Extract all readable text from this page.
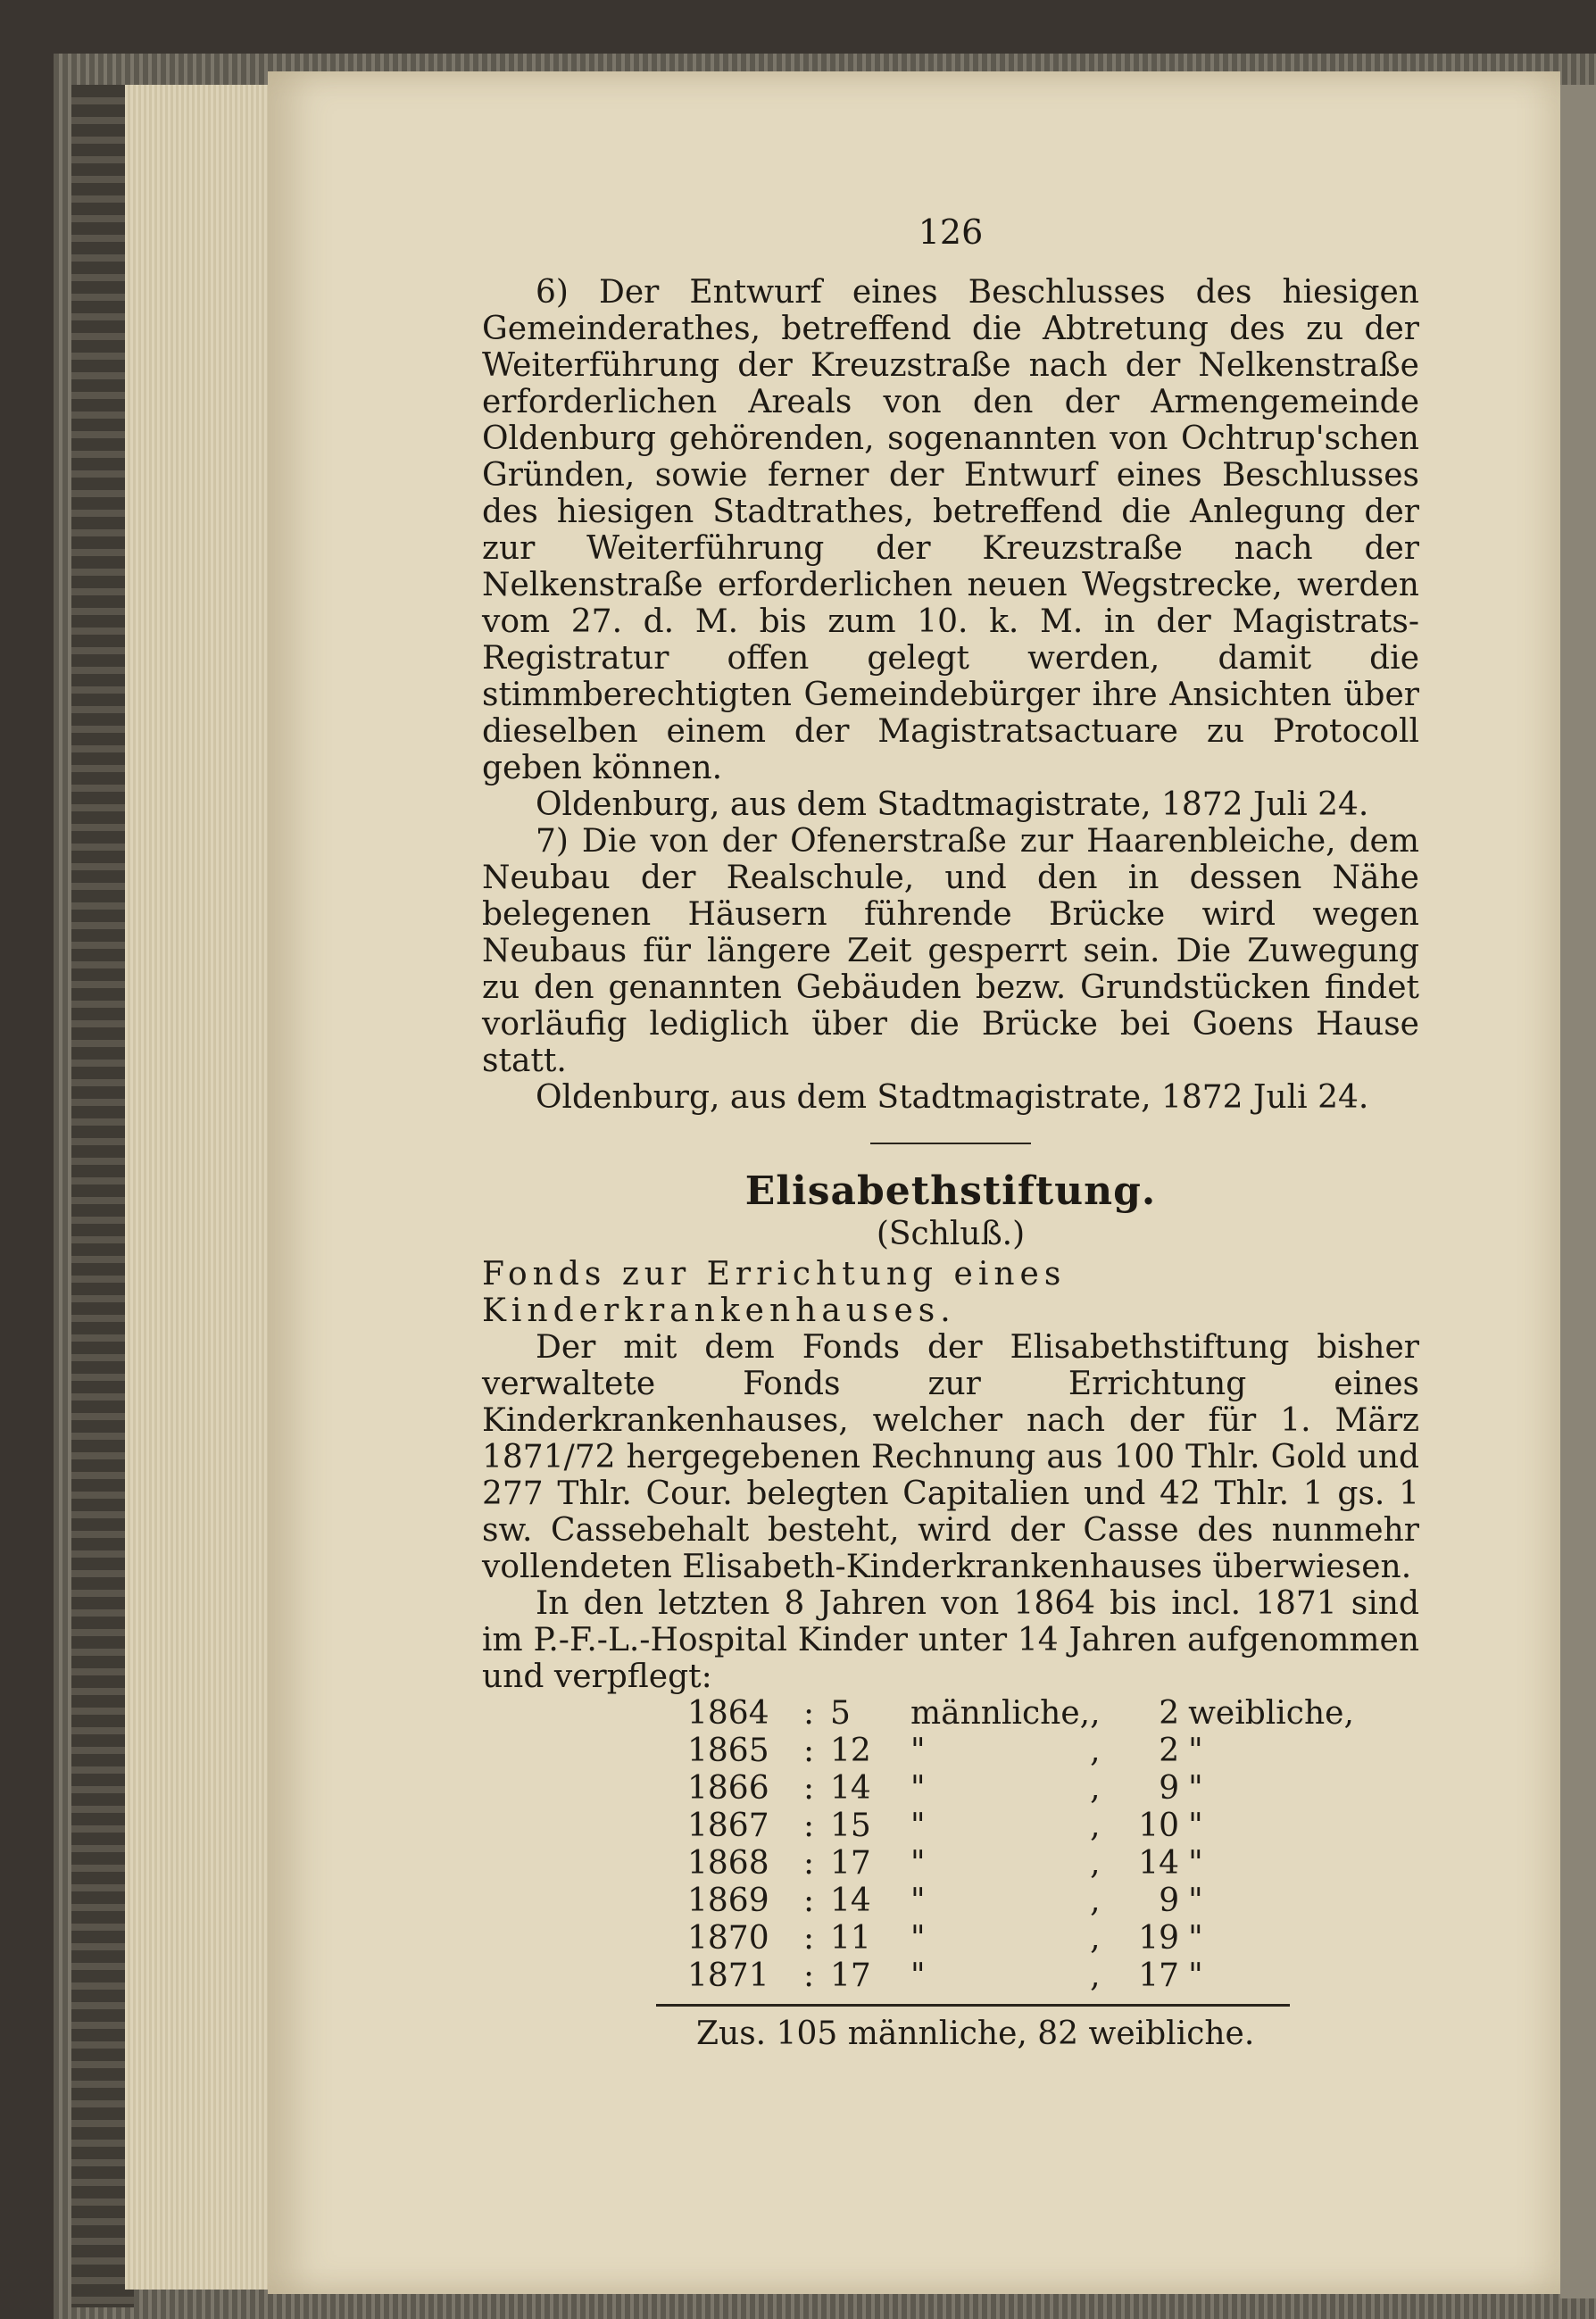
126

6) Der Entwurf eines Beschlusses des hiesigen Gemeinderathes, betreffend die Abtretung des zu der Weiterführung der Kreuzstraße nach der Nelkenstraße erforderlichen Areals von den der Armengemeinde Oldenburg gehörenden, sogenannten von Ochtrup'schen Gründen, sowie ferner der Entwurf eines Beschlusses des hiesigen Stadtrathes, betreffend die Anlegung der zur Weiterführung der Kreuzstraße nach der Nelkenstraße erforderlichen neuen Wegstrecke, werden vom 27. d. M. bis zum 10. k. M. in der Magistrats-Registratur offen gelegt werden, damit die stimmberechtigten Gemeindebürger ihre Ansichten über dieselben einem der Magistratsactuare zu Protocoll geben können.

Oldenburg, aus dem Stadtmagistrate, 1872 Juli 24.

7) Die von der Ofenerstraße zur Haarenbleiche, dem Neubau der Realschule, und den in dessen Nähe belegenen Häusern führende Brücke wird wegen Neubaus für längere Zeit gesperrt sein. Die Zuwegung zu den genannten Gebäuden bezw. Grundstücken findet vorläufig lediglich über die Brücke bei Goens Hause statt.

Oldenburg, aus dem Stadtmagistrate, 1872 Juli 24.

Elisabethstiftung.
(Schluß.)

Fonds zur Errichtung eines Kinderkrankenhauses.

Der mit dem Fonds der Elisabethstiftung bisher verwaltete Fonds zur Errichtung eines Kinderkrankenhauses, welcher nach der für 1. März 1871/72 hergegebenen Rechnung aus 100 Thlr. Gold und 277 Thlr. Cour. belegten Capitalien und 42 Thlr. 1 gs. 1 sw. Cassebehalt besteht, wird der Casse des nunmehr vollendeten Elisabeth-Kinderkrankenhauses überwiesen.

In den letzten 8 Jahren von 1864 bis incl. 1871 sind im P.-F.-L.-Hospital Kinder unter 14 Jahren aufgenommen und verpflegt:

1864	:	5	männliche,	,	2	weibliche,
1865	:	12	"	,	2	"
1866	:	14	"	,	9	"
1867	:	15	"	,	10	"
1868	:	17	"	,	14	"
1869	:	14	"	,	9	"
1870	:	11	"	,	19	"
1871	:	17	"	,	17	"
Zus. 105 männliche, 82 weibliche.
